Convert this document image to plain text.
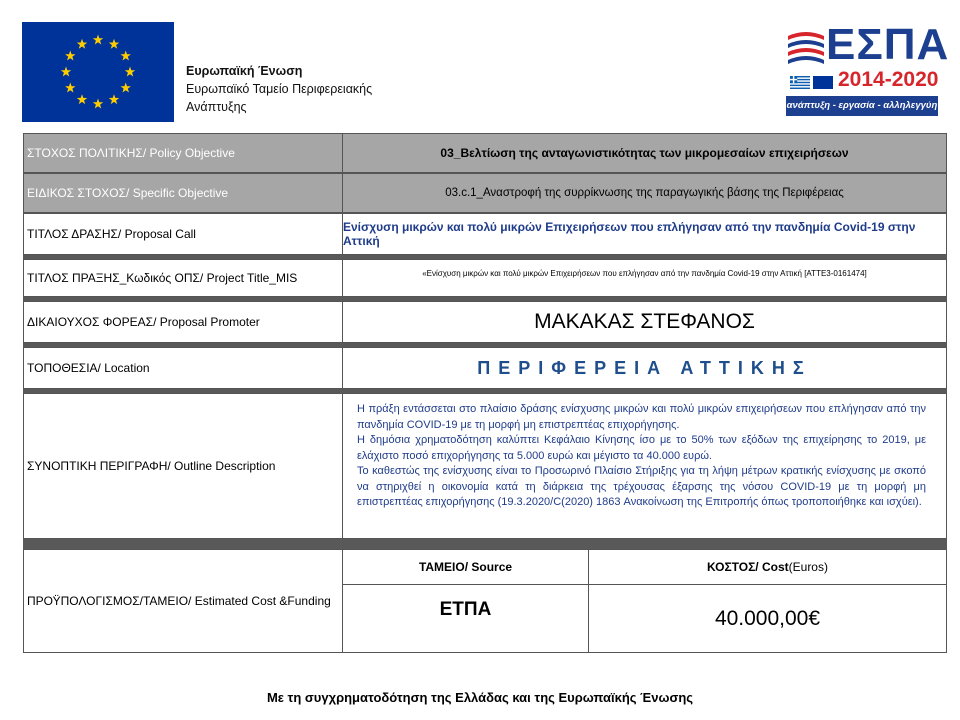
Ευρωπαϊκή Ένωση
Ευρωπαϊκό Ταμείο Περιφερειακής
Ανάπτυξης
ΕΣΠΑ
2014-2020
ανάπτυξη - εργασία - αλληλεγγύη
ΣΤΟΧΟΣ ΠΟΛΙΤΙΚΗΣ/ Policy Objective	03_Βελτίωση της ανταγωνιστικότητας των μικρομεσαίων επιχειρήσεων
ΕΙΔΙΚΟΣ ΣΤΟΧΟΣ/ Specific Objective	03.c.1_Αναστροφή της συρρίκνωσης της παραγωγικής βάσης της Περιφέρειας
ΤΙΤΛΟΣ ΔΡΑΣΗΣ/ Proposal Call	Ενίσχυση μικρών και πολύ μικρών Επιχειρήσεων που επλήγησαν από την πανδημία Covid-19 στην Αττική
ΤΙΤΛΟΣ ΠΡΑΞΗΣ_Κωδικός ΟΠΣ/ Project Title_MIS	«Ενίσχυση μικρών και πολύ μικρών Επιχειρήσεων που επλήγησαν από την πανδημία Covid-19 στην Αττική [ΑΤΤΕ3-0161474]
ΔΙΚΑΙΟΥΧΟΣ ΦΟΡΕΑΣ/ Proposal Promoter	ΜΑΚΑΚΑΣ ΣΤΕΦΑΝΟΣ
ΤΟΠΟΘΕΣΙΑ/ Location	ΠΕΡΙΦΕΡΕΙΑ ΑΤΤΙΚΗΣ
ΣΥΝΟΠΤΙΚΗ ΠΕΡΙΓΡΑΦΗ/ Outline Description

Η πράξη εντάσσεται στο πλαίσιο δράσης ενίσχυσης μικρών και πολύ μικρών επιχειρήσεων που επλήγησαν από την πανδημία COVID-19 με τη μορφή μη επιστρεπτέας επιχορήγησης.

Η δημόσια χρηματοδότηση καλύπτει Κεφάλαιο Κίνησης ίσο με το 50% των εξόδων της επιχείρησης το 2019, με ελάχιστο ποσό επιχορήγησης τα 5.000 ευρώ και μέγιστο τα 40.000 ευρώ.

Το καθεστώς της ενίσχυσης είναι το Προσωρινό Πλαίσιο Στήριξης για τη λήψη μέτρων κρατικής ενίσχυσης με σκοπό να στηριχθεί η οικονομία κατά τη διάρκεια της τρέχουσας έξαρσης της νόσου COVID-19 με τη μορφή μη επιστρεπτέας επιχορήγησης (19.3.2020/C(2020) 1863 Ανακοίνωση της Επιτροπής όπως τροποποιήθηκε και ισχύει).

ΠΡΟΫΠΟΛΟΓΙΣΜΟΣ/ΤΑΜΕΙΟ/ Estimated Cost &Funding
ΤΑΜΕΙΟ/ Source	ΚΟΣΤΟΣ/ Cost (Euros)
ΕΤΠΑ	40.000,00€
Με τη συγχρηματοδότηση της Ελλάδας και της Ευρωπαϊκής Ένωσης
